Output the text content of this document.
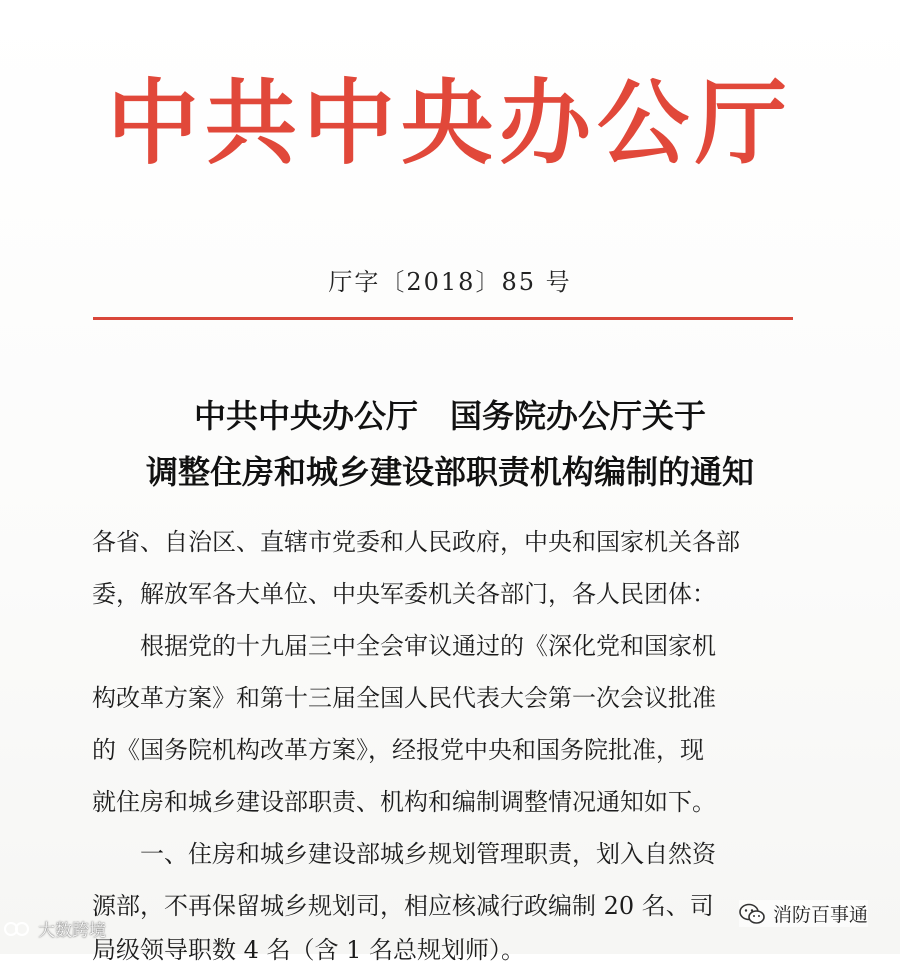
中共中央办公厅
厅字〔2018〕85 号
中共中央办公厅　国务院办公厅关于
调整住房和城乡建设部职责机构编制的通知
各省、自治区、直辖市党委和人民政府，中央和国家机关各部
委，解放军各大单位、中央军委机关各部门，各人民团体：
　　根据党的十九届三中全会审议通过的《深化党和国家机
构改革方案》和第十三届全国人民代表大会第一次会议批准
的《国务院机构改革方案》，经报党中央和国务院批准，现
就住房和城乡建设部职责、机构和编制调整情况通知如下。
　　一、住房和城乡建设部城乡规划管理职责，划入自然资
源部，不再保留城乡规划司，相应核减行政编制 20 名、司
局级领导职数 4 名（含 1 名总规划师）。
大数跨境
消防百事通
